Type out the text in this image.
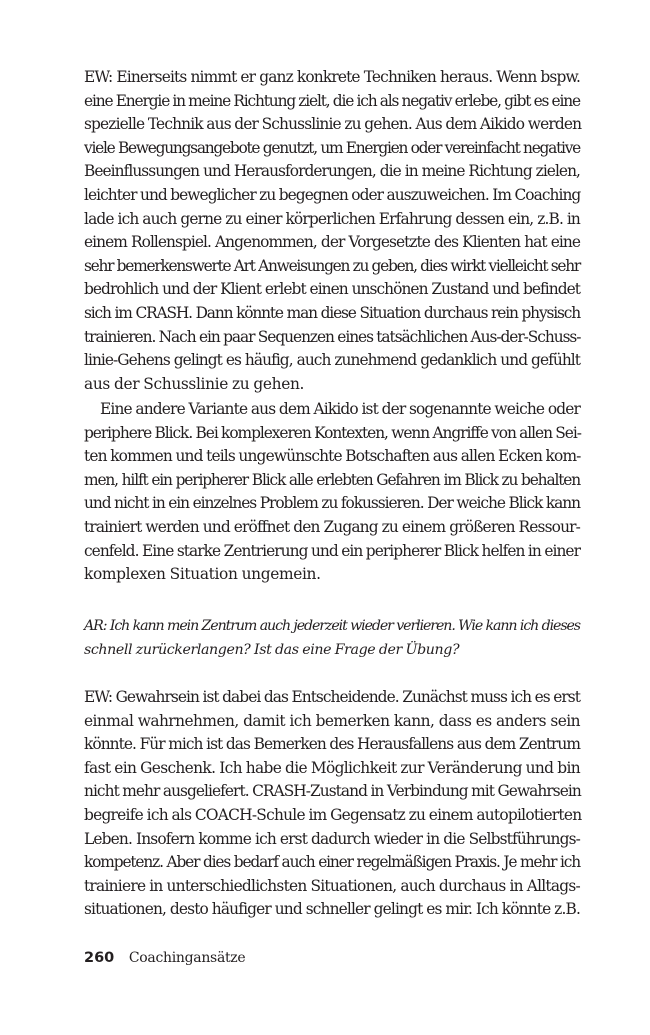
EW: Einerseits nimmt er ganz konkrete Techniken heraus. Wenn bspw.
eine Energie in meine Richtung zielt, die ich als negativ erlebe, gibt es eine
spezielle Technik aus der Schusslinie zu gehen. Aus dem Aikido werden
viele Bewegungsangebote genutzt, um Energien oder vereinfacht negative
Beeinflussungen und Herausforderungen, die in meine Richtung zielen,
leichter und beweglicher zu begegnen oder auszuweichen. Im Coaching
lade ich auch gerne zu einer körperlichen Erfahrung dessen ein, z.B. in
einem Rollenspiel. Angenommen, der Vorgesetzte des Klienten hat eine
sehr bemerkenswerte Art Anweisungen zu geben, dies wirkt vielleicht sehr
bedrohlich und der Klient erlebt einen unschönen Zustand und befindet
sich im CRASH. Dann könnte man diese Situation durchaus rein physisch
trainieren. Nach ein paar Sequenzen eines tatsächlichen Aus-der-Schuss-
linie-Gehens gelingt es häufig, auch zunehmend gedanklich und gefühlt
aus der Schusslinie zu gehen.
Eine andere Variante aus dem Aikido ist der sogenannte weiche oder
periphere Blick. Bei komplexeren Kontexten, wenn Angriffe von allen Sei-
ten kommen und teils ungewünschte Botschaften aus allen Ecken kom-
men, hilft ein peripherer Blick alle erlebten Gefahren im Blick zu behalten
und nicht in ein einzelnes Problem zu fokussieren. Der weiche Blick kann
trainiert werden und eröffnet den Zugang zu einem größeren Ressour-
cenfeld. Eine starke Zentrierung und ein peripherer Blick helfen in einer
komplexen Situation ungemein.
AR: Ich kann mein Zentrum auch jederzeit wieder verlieren. Wie kann ich dieses
schnell zurückerlangen? Ist das eine Frage der Übung?
EW: Gewahrsein ist dabei das Entscheidende. Zunächst muss ich es erst
einmal wahrnehmen, damit ich bemerken kann, dass es anders sein
könnte. Für mich ist das Bemerken des Herausfallens aus dem Zentrum
fast ein Geschenk. Ich habe die Möglichkeit zur Veränderung und bin
nicht mehr ausgeliefert. CRASH-Zustand in Verbindung mit Gewahrsein
begreife ich als COACH-Schule im Gegensatz zu einem autopilotierten
Leben. Insofern komme ich erst dadurch wieder in die Selbstführungs-
kompetenz. Aber dies bedarf auch einer regelmäßigen Praxis. Je mehr ich
trainiere in unterschiedlichsten Situationen, auch durchaus in Alltags-
situationen, desto häufiger und schneller gelingt es mir. Ich könnte z.B.
260 Coachingansätze
